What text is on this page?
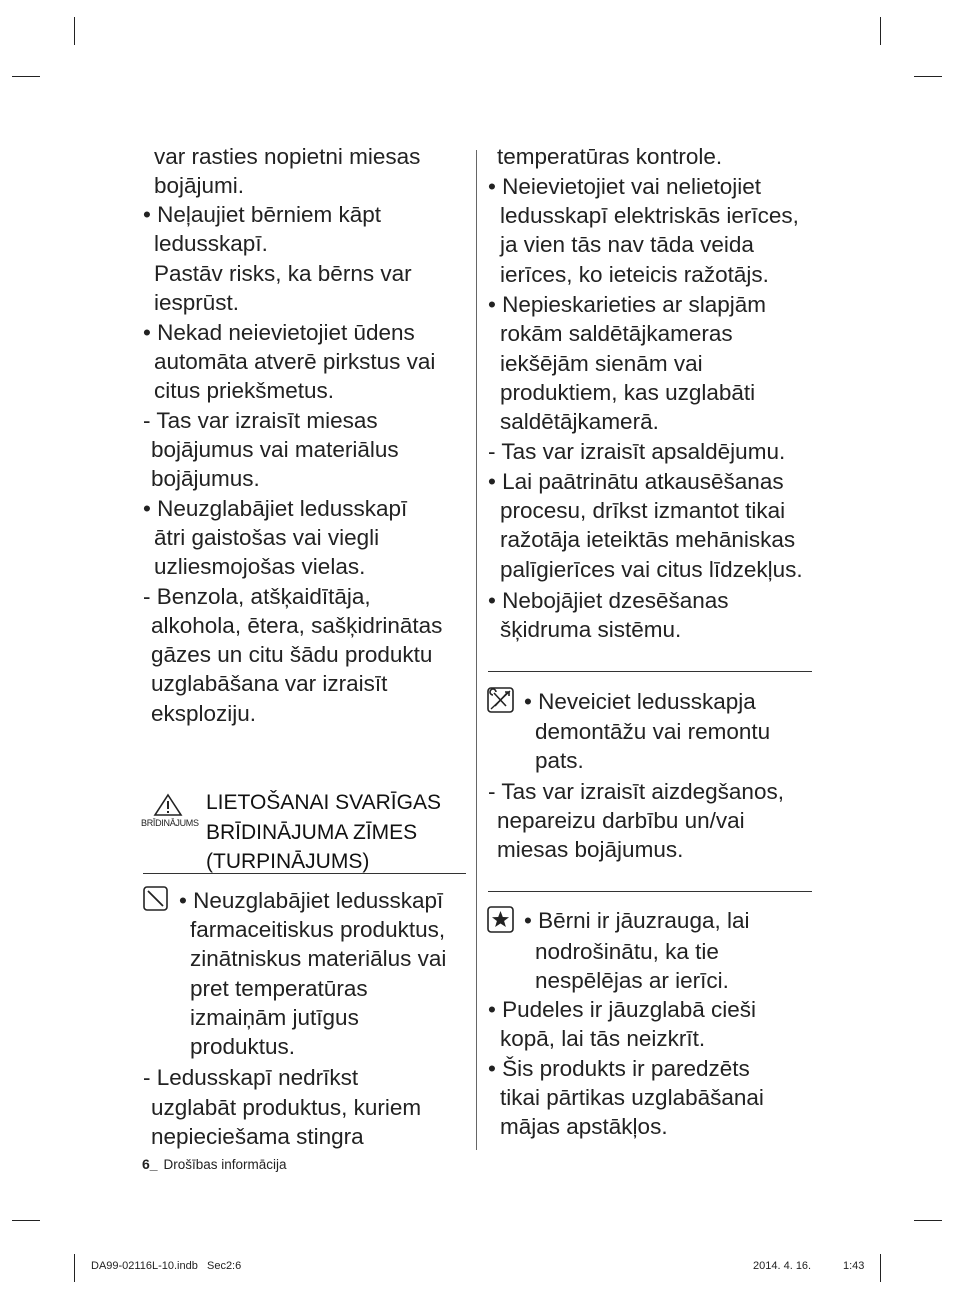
var rasties nopietni miesas
bojājumi.
• Neļaujiet bērniem kāpt
ledusskapī.
Pastāv risks, ka bērns var
iesprūst.
• Nekad neievietojiet ūdens
automāta atverē pirkstus vai
citus priekšmetus.
- Tas var izraisīt miesas
bojājumus vai materiālus
bojājumus.
• Neuzglabājiet ledusskapī
ātri gaistošas vai viegli
uzliesmojošas vielas.
- Benzola, atšķaidītāja,
alkohola, ētera, sašķidrinātas
gāzes un citu šādu produktu
uzglabāšana var izraisīt
eksploziju.
BRĪDINĀJUMS
LIETOŠANAI SVARĪGAS
BRĪDINĀJUMA ZĪMES
(TURPINĀJUMS)
• Neuzglabājiet ledusskapī
farmaceitiskus produktus,
zinātniskus materiālus vai
pret temperatūras
izmaiņām jutīgus
produktus.
- Ledusskapī nedrīkst
uzglabāt produktus, kuriem
nepieciešama stingra
temperatūras kontrole.
• Neievietojiet vai nelietojiet
ledusskapī elektriskās ierīces,
ja vien tās nav tāda veida
ierīces, ko ieteicis ražotājs.
• Nepieskarieties ar slapjām
rokām saldētājkameras
iekšējām sienām vai
produktiem, kas uzglabāti
saldētājkamerā.
- Tas var izraisīt apsaldējumu.
• Lai paātrinātu atkausēšanas
procesu, drīkst izmantot tikai
ražotāja ieteiktās mehāniskas
palīgierīces vai citus līdzekļus.
• Nebojājiet dzesēšanas
šķidruma sistēmu.
• Neveiciet ledusskapja
demontāžu vai remontu
pats.
- Tas var izraisīt aizdegšanos,
nepareizu darbību un/vai
miesas bojājumus.
• Bērni ir jāuzrauga, lai
nodrošinātu, ka tie
nespēlējas ar ierīci.
• Pudeles ir jāuzglabā cieši
kopā, lai tās neizkrīt.
• Šis produkts ir paredzēts
tikai pārtikas uzglabāšanai
mājas apstākļos.
6_ Drošības informācija
DA99-02116L-10.indb   Sec2:6	2014. 4. 16.	1:43
